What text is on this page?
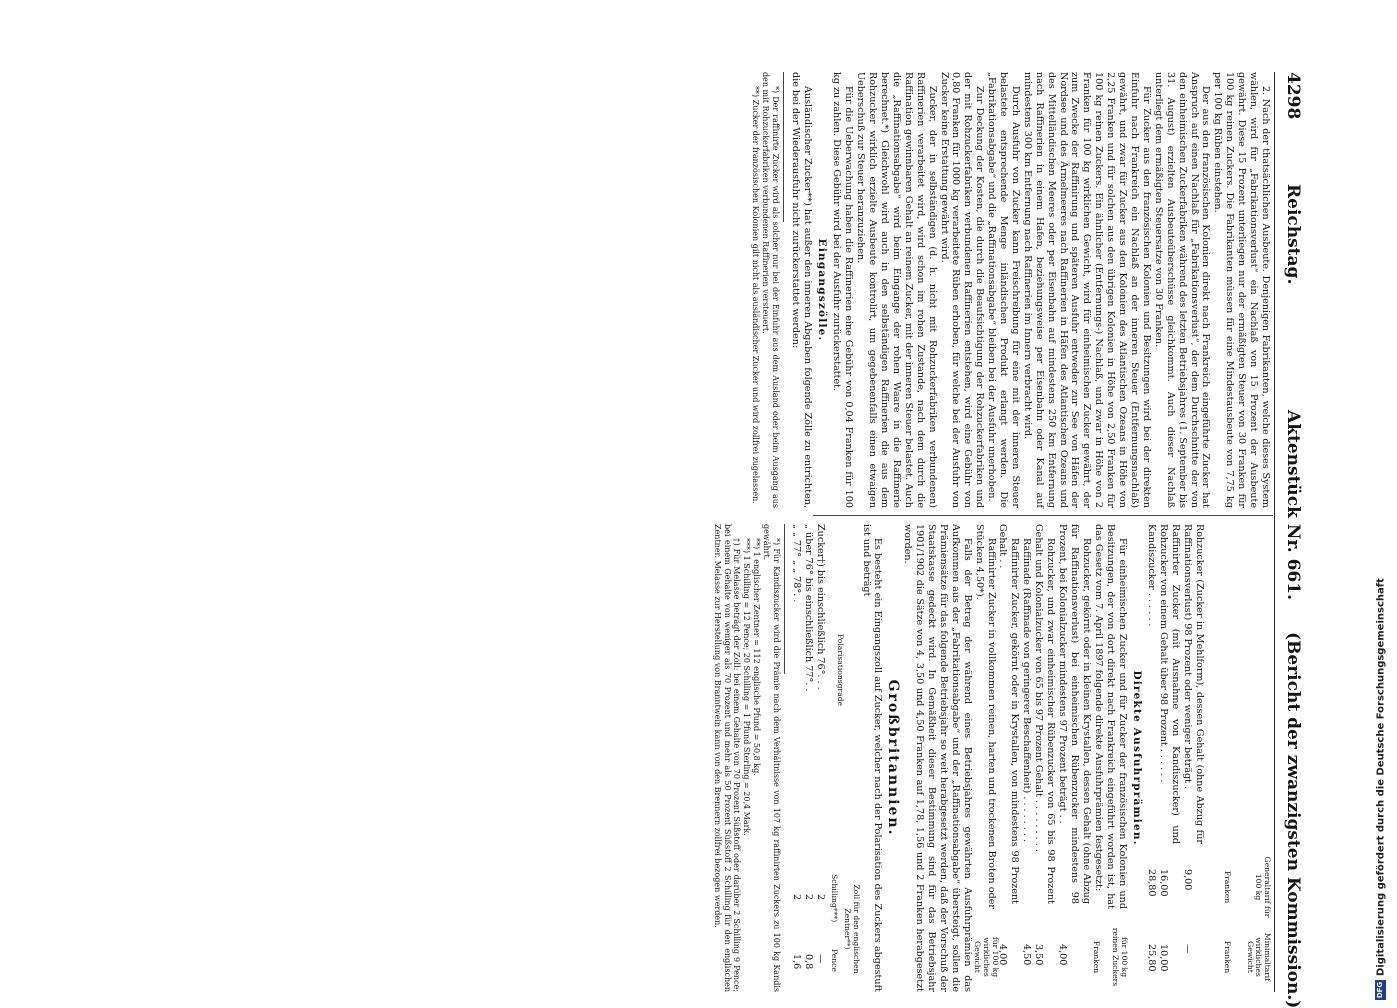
4298
Reichstag.
Aktenstück Nr. 661.
(Bericht der zwanzigsten Kommission.)

2. Nach der thatsächlichen Ausbeute. Denjenigen Fabrikanten, welche dieses System wählen, wird für „Fabrikationsverlust“ ein Nachlaß von 15 Prozent der Ausbeute gewährt. Diese 15 Prozent unterliegen nur der ermäßigten Steuer von 30 Franken für 100 kg reinen Zuckers. Die Fabrikanten müssen für eine Mindestausbeute von 7,75 kg per 100 kg Rüben einstehen.

Der aus den französischen Kolonien direkt nach Frankreich eingeführte Zucker hat Anspruch auf einen Nachlaß für „Fabrikationsverlust“, der dem Durchschnitte der von den einheimischen Zuckerfabriken während des letzten Betriebsjahres (1. September bis 31. August) erzielten Ausbeuteüberschüsse gleichkommt. Auch dieser Nachlaß unterliegt dem ermäßigten Steuersatze von 30 Franken.

Für Zucker aus den französischen Kolonien und Besitzungen wird bei der direkten Einfuhr nach Frankreich ein Nachlaß an der inneren Steuer (Entfernungsnachlaß) gewährt, und zwar für Zucker aus den Kolonien des Atlantischen Ozeans in Höhe von 2,25 Franken und für solchen aus den übrigen Kolonien in Höhe von 2,50 Franken für 100 kg reinen Zuckers. Ein ähnlicher (Entfernungs-) Nachlaß, und zwar in Höhe von 2 Franken für 100 kg wirklichen Gewicht, wird für einheimischen Zucker gewährt, der zum Zwecke der Raffinirung und späteren Ausfuhr entweder zur See von Häfen der Nordsee und des Ärmelmeeres nach Raffinerien in Häfen des Atlantischen Ozeans und des Mittelländischen Meeres oder per Eisenbahn auf mindestens 250 km Entfernung nach Raffinerien in einem Hafen, beziehungsweise per Eisenbahn oder Kanal auf mindestens 300 km Entfernung nach Raffinerien im Innern verbracht wird.

Durch Ausfuhr von Zucker kann Freischreibung für eine mit der inneren Steuer belastete entsprechende Menge inländischen Produkt erlangt werden. Die „Fabrikationsabgabe“ und die „Raffinationsabgabe“ bleiben bei der Ausfuhr unerhoben.

Zur Deckung der Kosten, die durch die Beaufsichtigung der Rohzuckerfabriken und der mit Rohzuckerfabriken verbundenen Raffinerien entstehen, wird eine Gebühr von 0,80 Franken für 1000 kg verarbeitete Rüben erhoben, für welche bei der Ausfuhr von Zucker keine Erstattung gewährt wird.

Zucker, der in selbständigen (d. h. nicht mit Rohzuckerfabriken verbundenen) Raffinerien verarbeitet wird, wird schon im rohen Zustande, nach dem durch die Raffination gewinnbaren Gehalt an reinem Zucker, mit der inneren Steuer belastet. Auch die „Raffinationsabgabe“ wird beim Eingange der rohen Waare in die Raffinerie berechnet.*) Gleichwohl wird auch in den selbständigen Raffinerien die aus dem Rohzucker wirklich erzielte Ausbeute kontrolirt, um gegebenenfalls einen etwaigen Ueberschuß zur Steuer heranzuziehen.

Für die Ueberwachung haben die Raffinerien eine Gebühr von 0,04 Franken für 100 kg zu zahlen. Diese Gebühr wird bei der Ausfuhr zurückerstattet.

Eingangszölle.

Ausländischer Zucker**) hat außer den inneren Abgaben folgende Zölle zu entrichten, die bei der Wiederausfuhr nicht zurückerstattet werden:

*) Der raffinirte Zucker wird als solcher nur bei der Einfuhr aus dem Ausland oder beim Ausgang aus den mit Rohzuckerfabriken verbundenen Raffinerien versteuert.

**) Zucker der französischen Kolonien gilt nicht als ausländischer Zucker und wird zollfrei zugelassen.

Generaltarif für 100 kg
Franken
Minimaltarif wirkliches Gewicht
Franken
Rohzucker (Zucker in Mehlform), dessen Gehalt (ohne Abzug für Raffinationsverlust) 98 Prozent oder weniger beträgt .
9,00
—
Raffinirter Zucker (mit Ausnahme von Kandiszucker) und Rohzucker von einem Gehalt über 98 Prozent . . . . . .
16,00
10,00
Kandiszucker . . . . . .
28,80
25,80

Direkte Ausfuhrprämien.

Für einheimischen Zucker und für Zucker der französischen Kolonien und Besitzungen, der von dort direkt nach Frankreich eingeführt worden ist, hat das Gesetz vom 7. April 1897 folgende direkte Ausfuhrprämien festgesetzt:

für 100 kg reinen Zuckers
Franken
Rohzucker, gekörnt oder in kleinen Krystallen, dessen Gehalt (ohne Abzug für Raffinationsverlust) bei einheimischen Rübenzucker mindestens 98 Prozent, bei Kolonialzucker mindestens 97 Prozent beträgt . .
4,00
Rohzucker, und zwar einheimischer Rübenzucker von 65 bis 98 Prozent Gehalt und Kolonialzucker von 65 bis 97 Prozent Gehalt . . . . . . . . .
3,50
Raffinade (Raffinade von geringerer Beschaffenheit) . . . . . . . .
4,50
Raffinirter Zucker, gekörnt oder in Krystallen, von mindestens 98 Prozent Gehalt . .
4,00
für 100 kg wirkliches Gewicht

Raffinirter Zucker in vollkommen reinen, harten und trockenen Broten oder Stücken 4,50*).

Falls der Betrag der während eines Betriebsjahres gewährten Ausfuhrprämien das Aufkommen aus der „Fabrikationsabgabe“ und der „Raffinationsabgabe“ übersteigt, sollen die Prämiensätze für das folgende Betriebsjahr so weit herabgesetzt werden, daß der Vorschuß der Staatskasse gedeckt wird. In Gemäßheit dieser Bestimmung sind für das Betriebsjahr 1901/1902 die Sätze von 4, 3,50 und 4,50 Franken auf 1,78, 1,56 und 2 Franken herabgesetzt worden.

Großbritannien.

Es besteht ein Eingangszoll auf Zucker, welcher nach der Polarisation des Zuckers abgestuft ist und beträgt

Polarisationsgrade
Zoll für den englischen Zentner**)
Schilling***)
Pence
Zucker†) bis einschließlich 76°. . .
2
—
„ über 76° bis einschließlich 77°. .
2
0,8
„ „ 77° „ „ 78°. .
2
1,6

*) Für Kandiszucker wird die Prämie nach dem Verhältnisse von 107 kg raffinirten Zuckers zu 100 kg Kandis gewährt.

**) 1 englischer Zentner = 112 englische Pfund = 50,8 kg.

***) 1 Schilling = 12 Pence; 20 Schilling = 1 Pfund Sterling = 20,4 Mark.

†) Für Melasse beträgt der Zoll: bei einem Gehalte von 70 Prozent Süßstoff oder darüber 2 Schilling 9 Pence; bei einem Gehalte von weniger als 70 Prozent und mehr als 50 Prozent Süßstoff 2 Schilling für den englischen Zentner. Melasse zur Herstellung von Branntwein kann von den Brennern zollfrei bezogen werden.

DFGDigitalisierung gefördert durch die Deutsche Forschungsgemeinschaft
